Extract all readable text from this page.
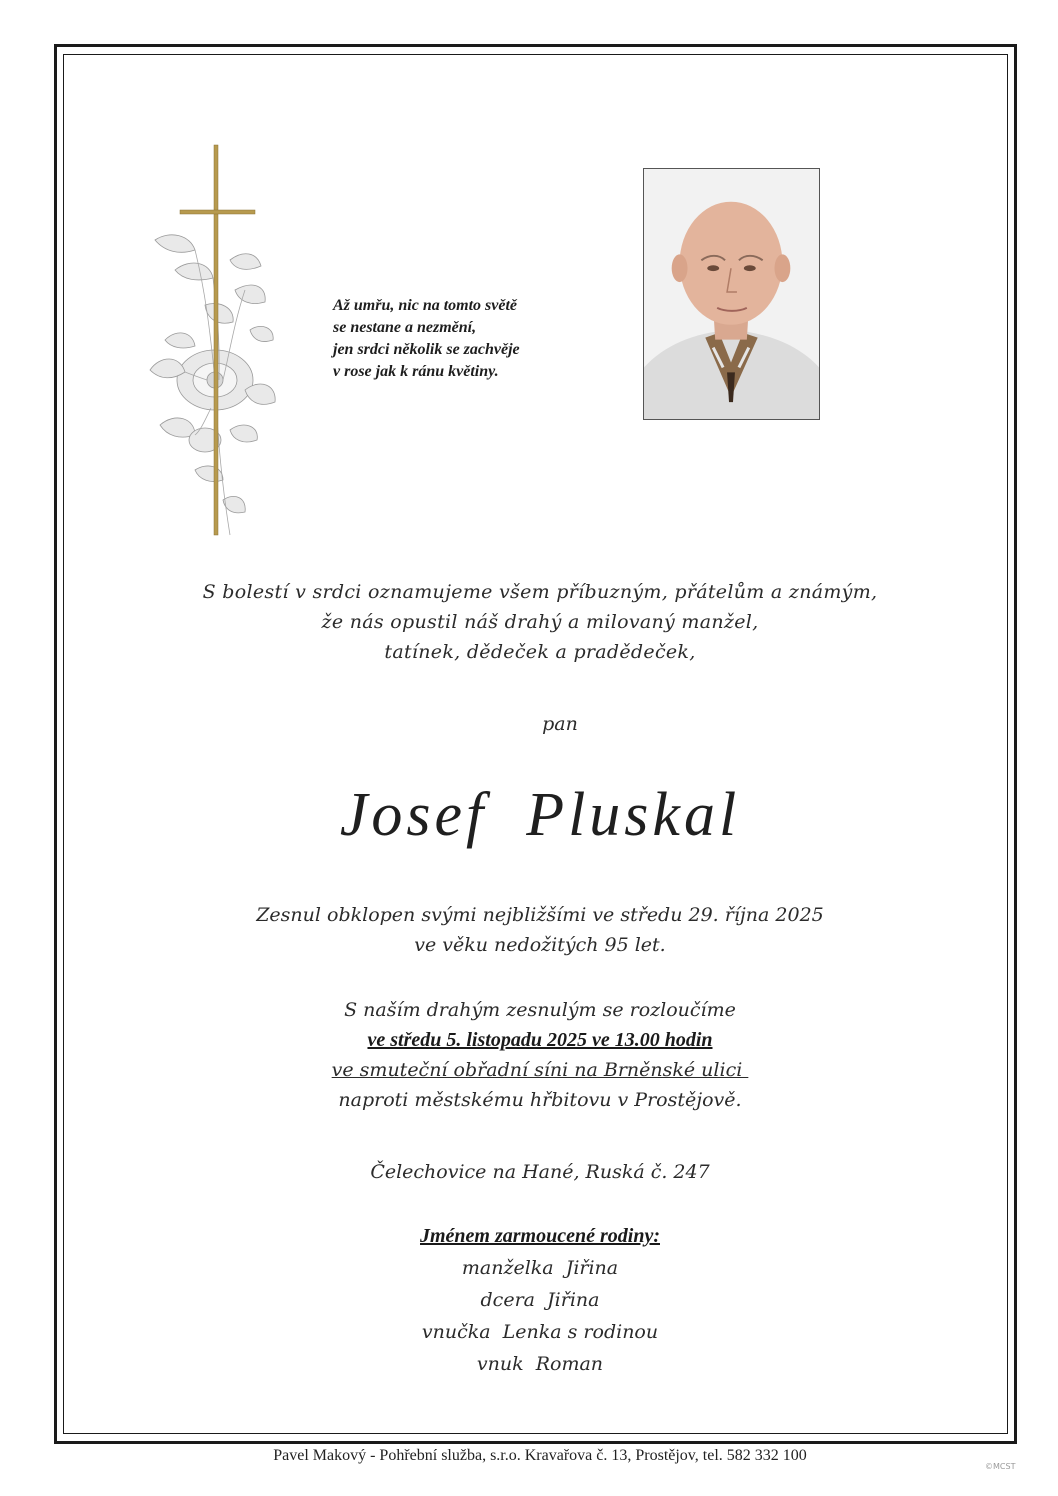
Až umřu, nic na tomto světě
se nestane a nezmění,
jen srdci několik se zachvěje
v rose jak k ránu květiny.
S bolestí v srdci oznamujeme všem příbuzným, přátelům a známým,
že nás opustil náš drahý a milovaný manžel,
tatínek, dědeček a pradědeček,
pan
Josef  Pluskal
Zesnul obklopen svými nejbližšími ve středu 29. října 2025
ve věku nedožitých 95 let.
S naším drahým zesnulým se rozloučíme
ve středu 5. listopadu 2025 ve 13.00 hodin
ve smuteční obřadní síni na Brněnské ulici
naproti městskému hřbitovu v Prostějově.
Čelechovice na Hané, Ruská č. 247
Jménem zarmoucené rodiny:
manželka  Jiřina
dcera  Jiřina
vnučka  Lenka s rodinou
vnuk  Roman
Pavel Makový - Pohřební služba, s.r.o. Kravařova č. 13, Prostějov, tel. 582 332 100
©MCST
